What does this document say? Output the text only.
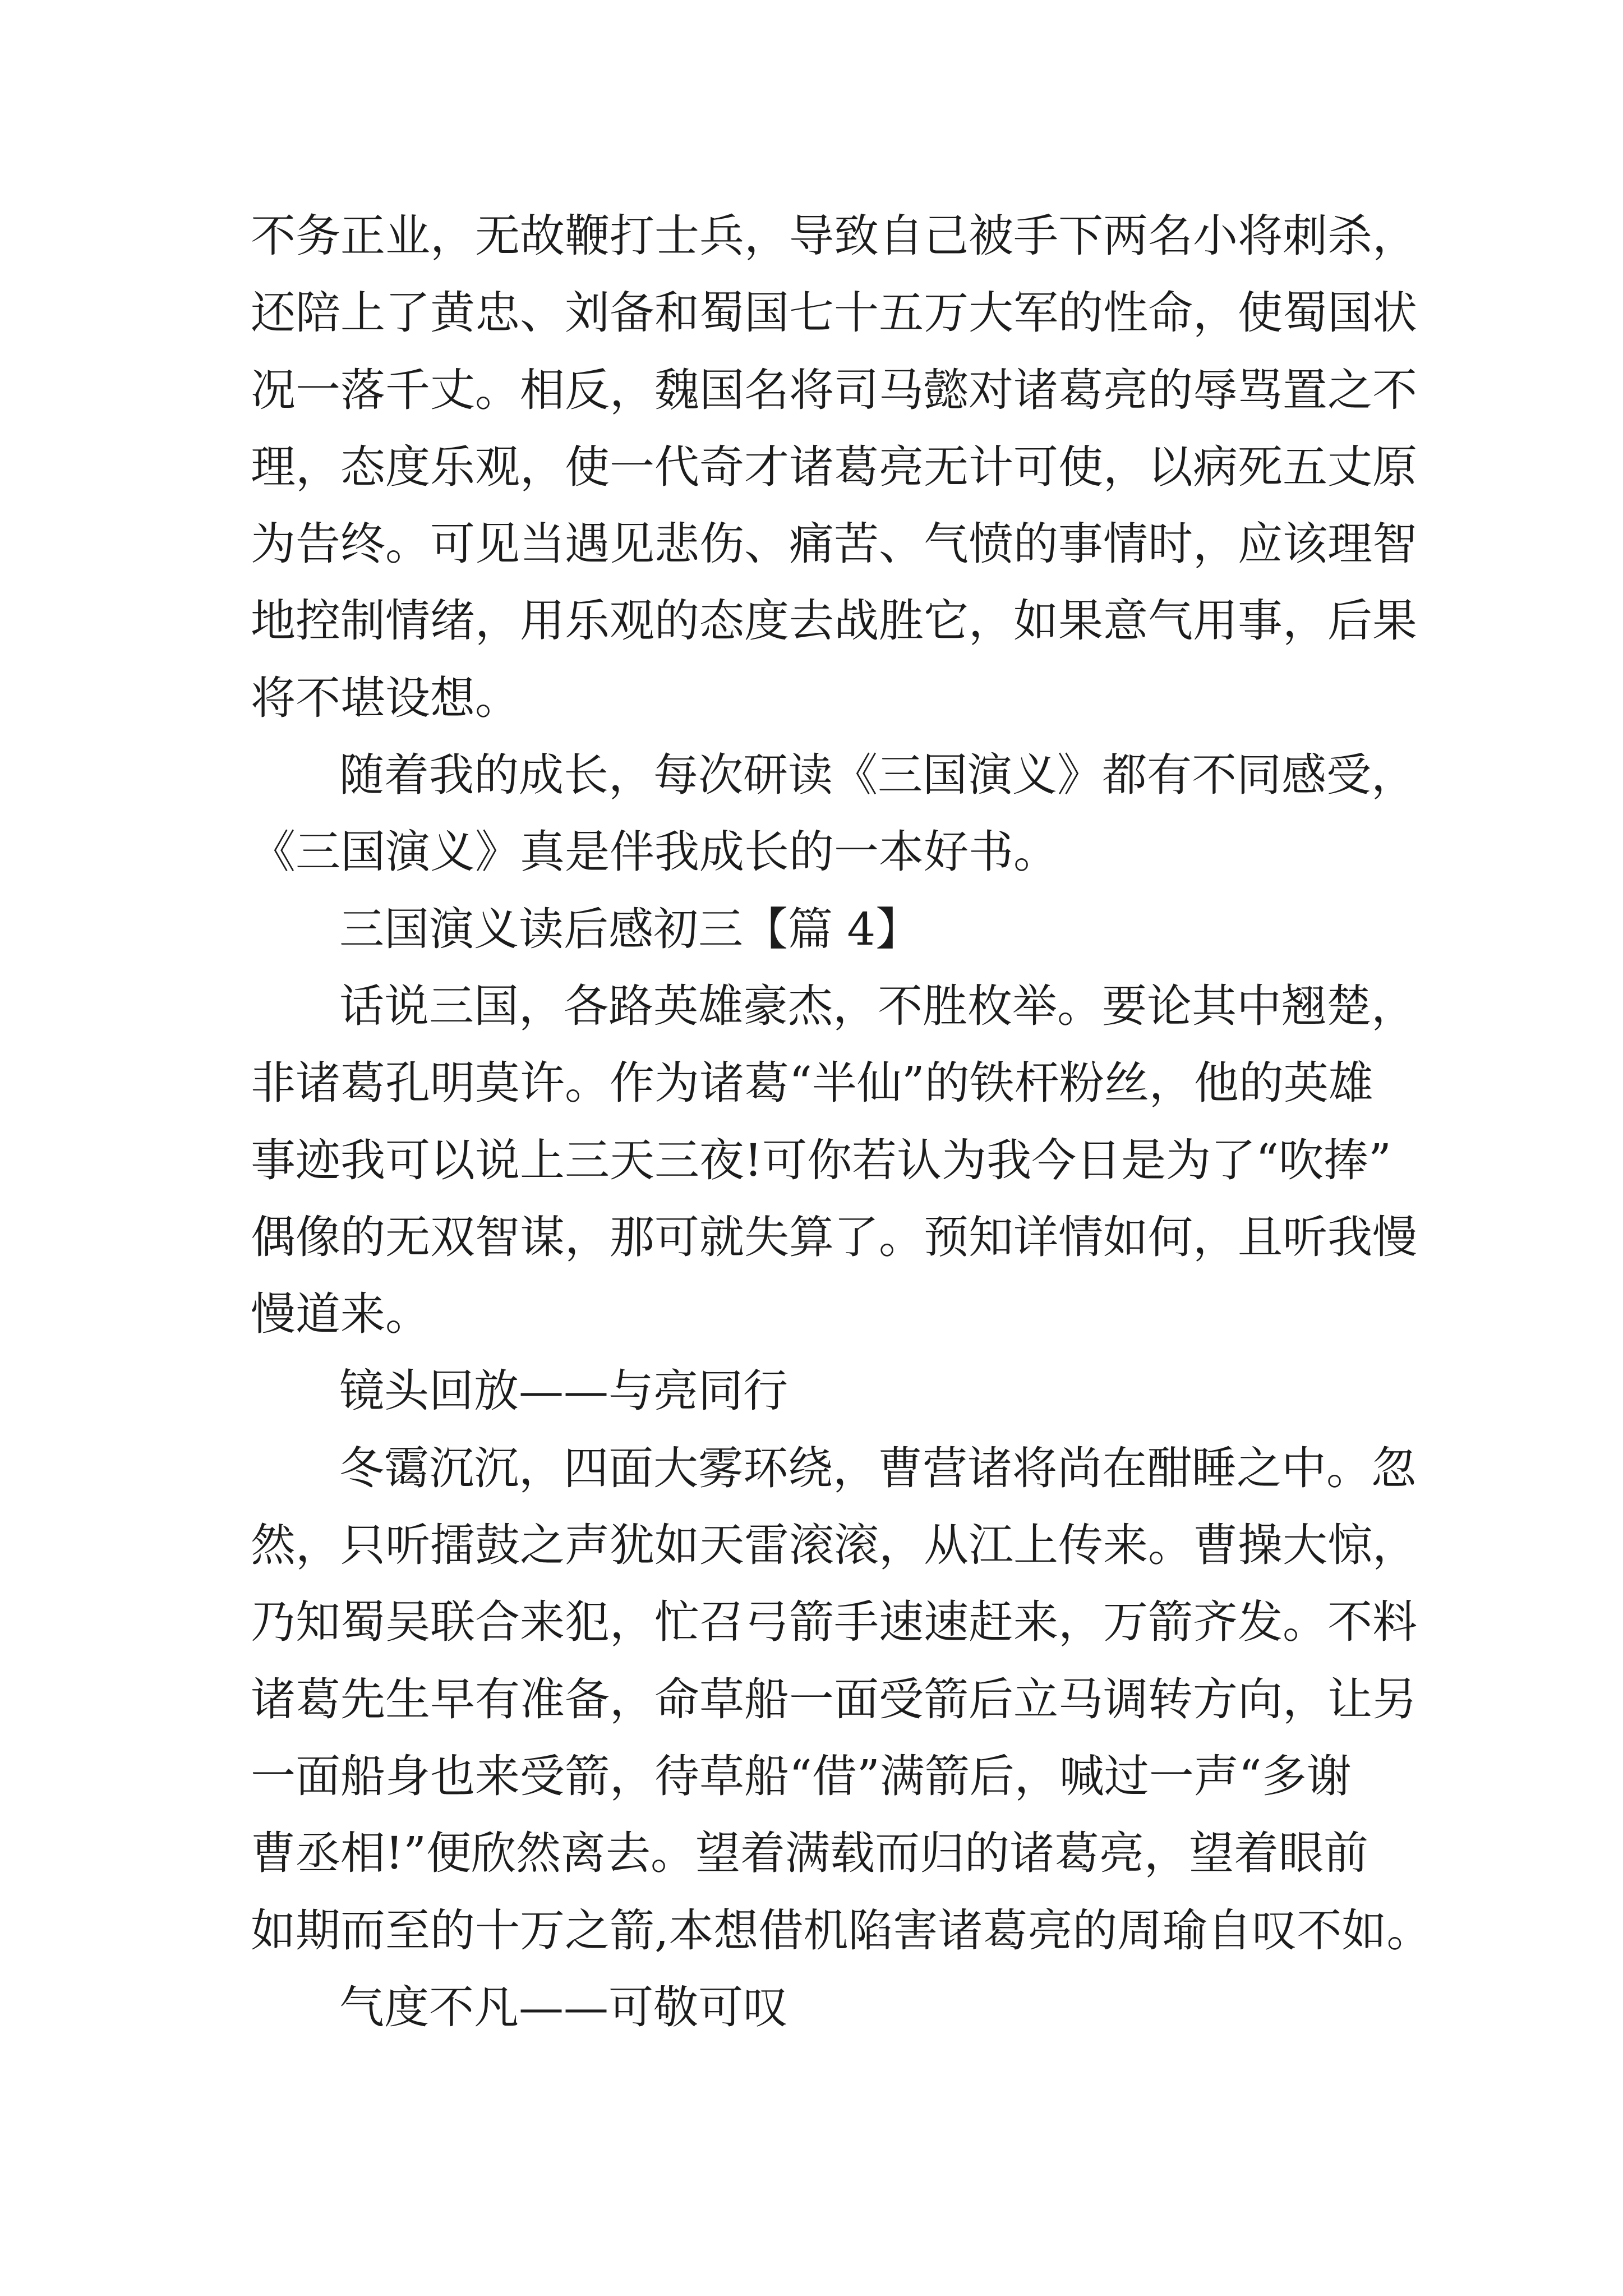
不务正业，无故鞭打士兵，导致自己被手下两名小将刺杀，
还陪上了黄忠、刘备和蜀国七十五万大军的性命，使蜀国状
况一落千丈。相反，魏国名将司马懿对诸葛亮的辱骂置之不
理，态度乐观，使一代奇才诸葛亮无计可使，以病死五丈原
为告终。可见当遇见悲伤、痛苦、气愤的事情时，应该理智
地控制情绪，用乐观的态度去战胜它，如果意气用事，后果
将不堪设想。
随着我的成长，每次研读《三国演义》都有不同感受，
《三国演义》真是伴我成长的一本好书。
三国演义读后感初三【篇 4】
话说三国，各路英雄豪杰，不胜枚举。要论其中翘楚，
非诸葛孔明莫许。作为诸葛“半仙”的铁杆粉丝，他的英雄
事迹我可以说上三天三夜!可你若认为我今日是为了“吹捧”
偶像的无双智谋，那可就失算了。预知详情如何，且听我慢
慢道来。
镜头回放——与亮同行
冬霭沉沉，四面大雾环绕，曹营诸将尚在酣睡之中。忽
然，只听擂鼓之声犹如天雷滚滚，从江上传来。曹操大惊，
乃知蜀吴联合来犯，忙召弓箭手速速赶来，万箭齐发。不料
诸葛先生早有准备，命草船一面受箭后立马调转方向，让另
一面船身也来受箭，待草船“借”满箭后，喊过一声“多谢
曹丞相!”便欣然离去。望着满载而归的诸葛亮，望着眼前
如期而至的十万之箭,本想借机陷害诸葛亮的周瑜自叹不如。
气度不凡——可敬可叹
